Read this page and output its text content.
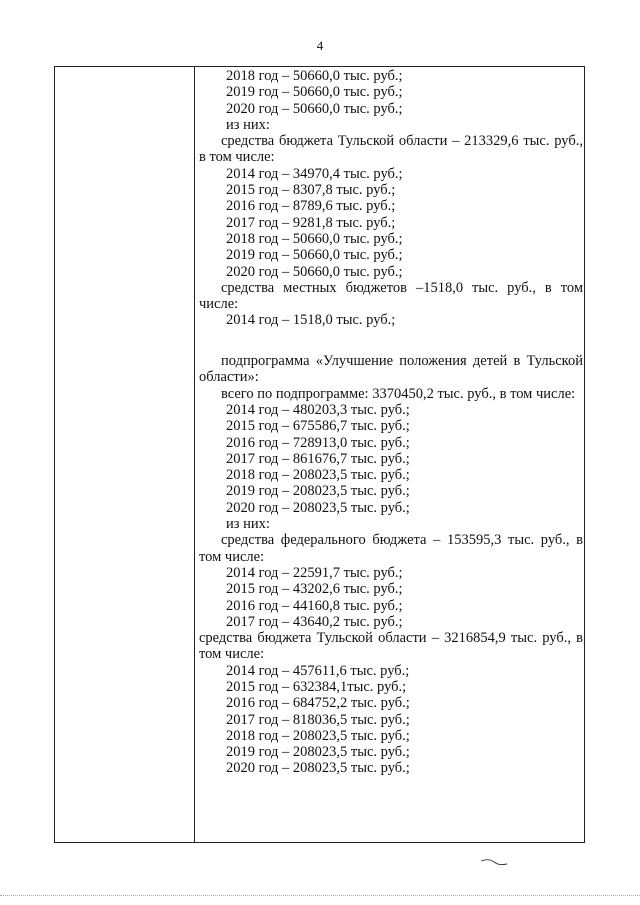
4
2018 год – 50660,0 тыс. руб.;
2019 год – 50660,0 тыс. руб.;
2020 год – 50660,0 тыс. руб.;
из них:
средства бюджета Тульской области – 213329,6 тыс. руб., в том числе:
2014 год – 34970,4 тыс. руб.;
2015 год – 8307,8 тыс. руб.;
2016 год – 8789,6 тыс. руб.;
2017 год – 9281,8 тыс. руб.;
2018 год – 50660,0 тыс. руб.;
2019 год – 50660,0 тыс. руб.;
2020 год – 50660,0 тыс. руб.;
средства местных бюджетов –1518,0 тыс. руб., в том числе:
2014 год – 1518,0 тыс. руб.;
подпрограмма «Улучшение положения детей в Тульской области»:
всего по подпрограмме: 3370450,2 тыс. руб., в том числе:
2014 год – 480203,3 тыс. руб.;
2015 год – 675586,7 тыс. руб.;
2016 год – 728913,0 тыс. руб.;
2017 год – 861676,7 тыс. руб.;
2018 год – 208023,5 тыс. руб.;
2019 год – 208023,5 тыс. руб.;
2020 год – 208023,5 тыс. руб.;
из них:
средства федерального бюджета – 153595,3 тыс. руб., в том числе:
2014 год – 22591,7 тыс. руб.;
2015 год – 43202,6 тыс. руб.;
2016 год – 44160,8 тыс. руб.;
2017 год – 43640,2 тыс. руб.;
средства бюджета Тульской области – 3216854,9 тыс. руб., в том числе:
2014 год – 457611,6 тыс. руб.;
2015 год – 632384,1тыс. руб.;
2016 год – 684752,2 тыс. руб.;
2017 год – 818036,5 тыс. руб.;
2018 год – 208023,5 тыс. руб.;
2019 год – 208023,5 тыс. руб.;
2020 год – 208023,5 тыс. руб.;
